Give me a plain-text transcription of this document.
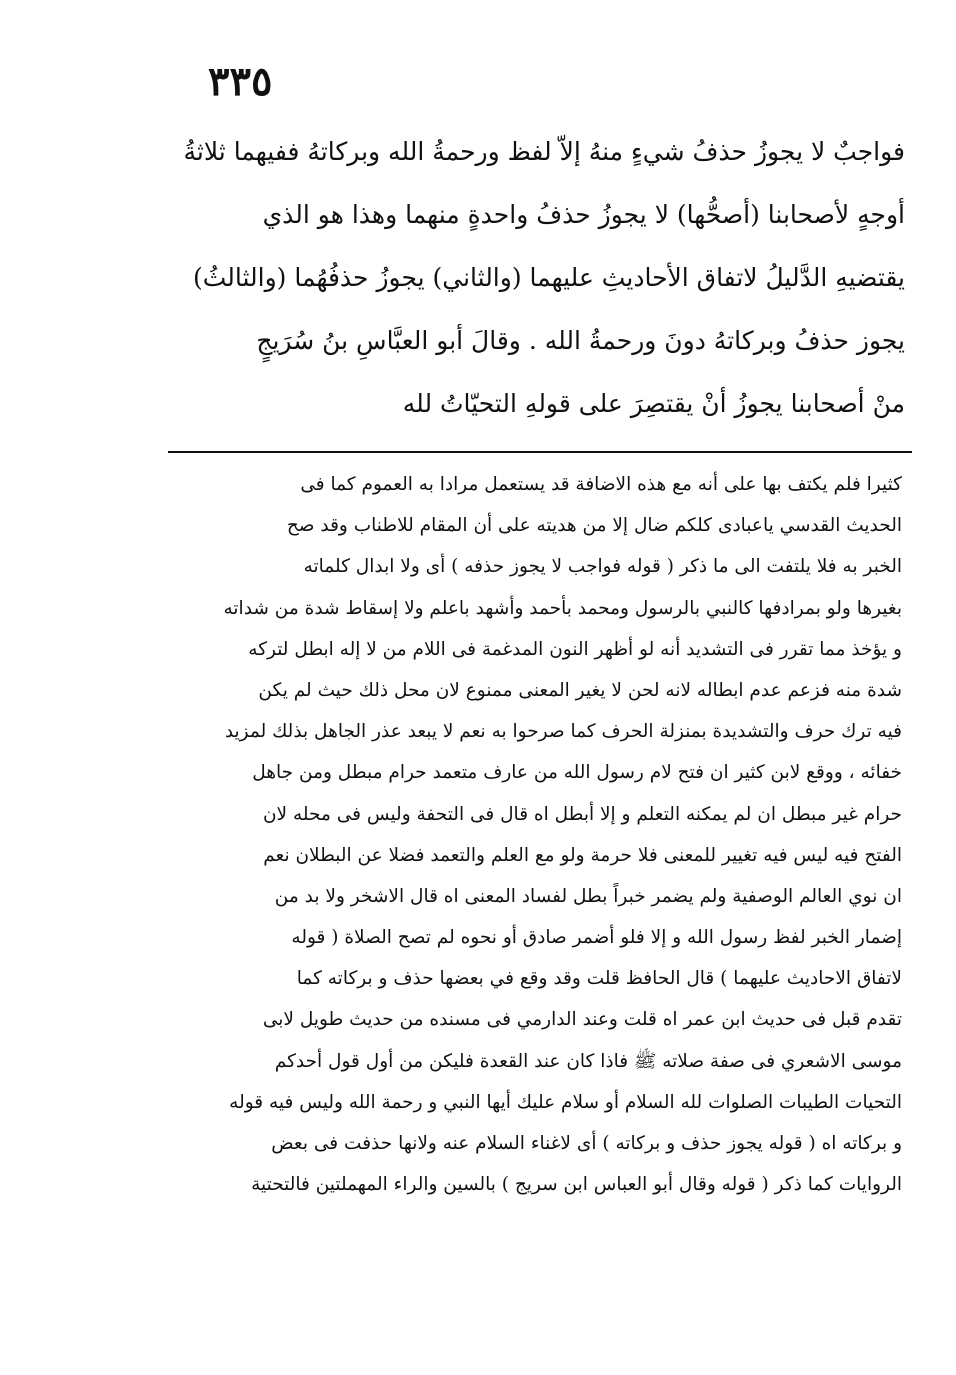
٣٣٥
فواجبٌ لا يجوزُ حذفُ شيءٍ منهُ إلاّ لفظ ورحمةُ الله وبركاتهُ ففيهما ثلاثةُ
أوجهٍ لأصحابنا (أصحُّها) لا يجوزُ حذفُ واحدةٍ منهما وهذا هو الذي
يقتضيهِ الدَّليلُ لاتفاق الأحاديثِ عليهما (والثاني) يجوزُ حذفُهُما (والثالثُ)
يجوز حذفُ وبركاتهُ دونَ ورحمةُ الله . وقالَ أبو العبَّاسِ بنُ سُرَيجٍ
منْ أصحابنا يجوزُ أنْ يقتصِرَ على قولهِ التحيّاتُ لله
كثيرا فلم يكتف بها على أنه مع هذه الاضافة قد يستعمل مرادا به العموم كما فى
الحديث القدسي ياعبادى كلكم ضال إلا من هديته على أن المقام للاطناب وقد صح
الخبر به فلا يلتفت الى ما ذكر ( قوله فواجب لا يجوز حذفه ) أى ولا ابدال كلماته
بغيرها ولو بمرادفها كالنبي بالرسول ومحمد بأحمد وأشهد باعلم ولا إسقاط شدة من شداته
و يؤخذ مما تقرر فى التشديد أنه لو أظهر النون المدغمة فى اللام من لا إله ابطل لتركه
شدة منه فزعم عدم ابطاله لانه لحن لا يغير المعنى ممنوع لان محل ذلك حيث لم يكن
فيه ترك حرف والتشديدة بمنزلة الحرف كما صرحوا به نعم لا يبعد عذر الجاهل بذلك لمزيد
خفائه ، ووقع لابن كثير ان فتح لام رسول الله من عارف متعمد حرام مبطل ومن جاهل
حرام غير مبطل ان لم يمكنه التعلم و إلا أبطل اه قال فى التحفة وليس فى محله لان
الفتح فيه ليس فيه تغيير للمعنى فلا حرمة ولو مع العلم والتعمد فضلا عن البطلان نعم
ان نوي العالم الوصفية ولم يضمر خبراً بطل لفساد المعنى اه قال الاشخر ولا بد من
إضمار الخبر لفظ رسول الله و إلا فلو أضمر صادق أو نحوه لم تصح الصلاة ( قوله
لاتفاق الاحاديث عليهما ) قال الحافظ قلت وقد وقع في بعضها حذف و بركاته كما
تقدم قبل فى حديث ابن عمر اه قلت وعند الدارمي فى مسنده من حديث طويل لابى
موسى الاشعري فى صفة صلاته ﷺ فاذا كان عند القعدة فليكن من أول قول أحدكم
التحيات الطيبات الصلوات لله السلام أو سلام عليك أيها النبي و رحمة الله وليس فيه قوله
و بركاته اه ( قوله يجوز حذف و بركاته ) أى لاغناء السلام عنه ولانها حذفت فى بعض
الروايات كما ذكر ( قوله وقال أبو العباس ابن سريج ) بالسين والراء المهملتين فالتحتية
